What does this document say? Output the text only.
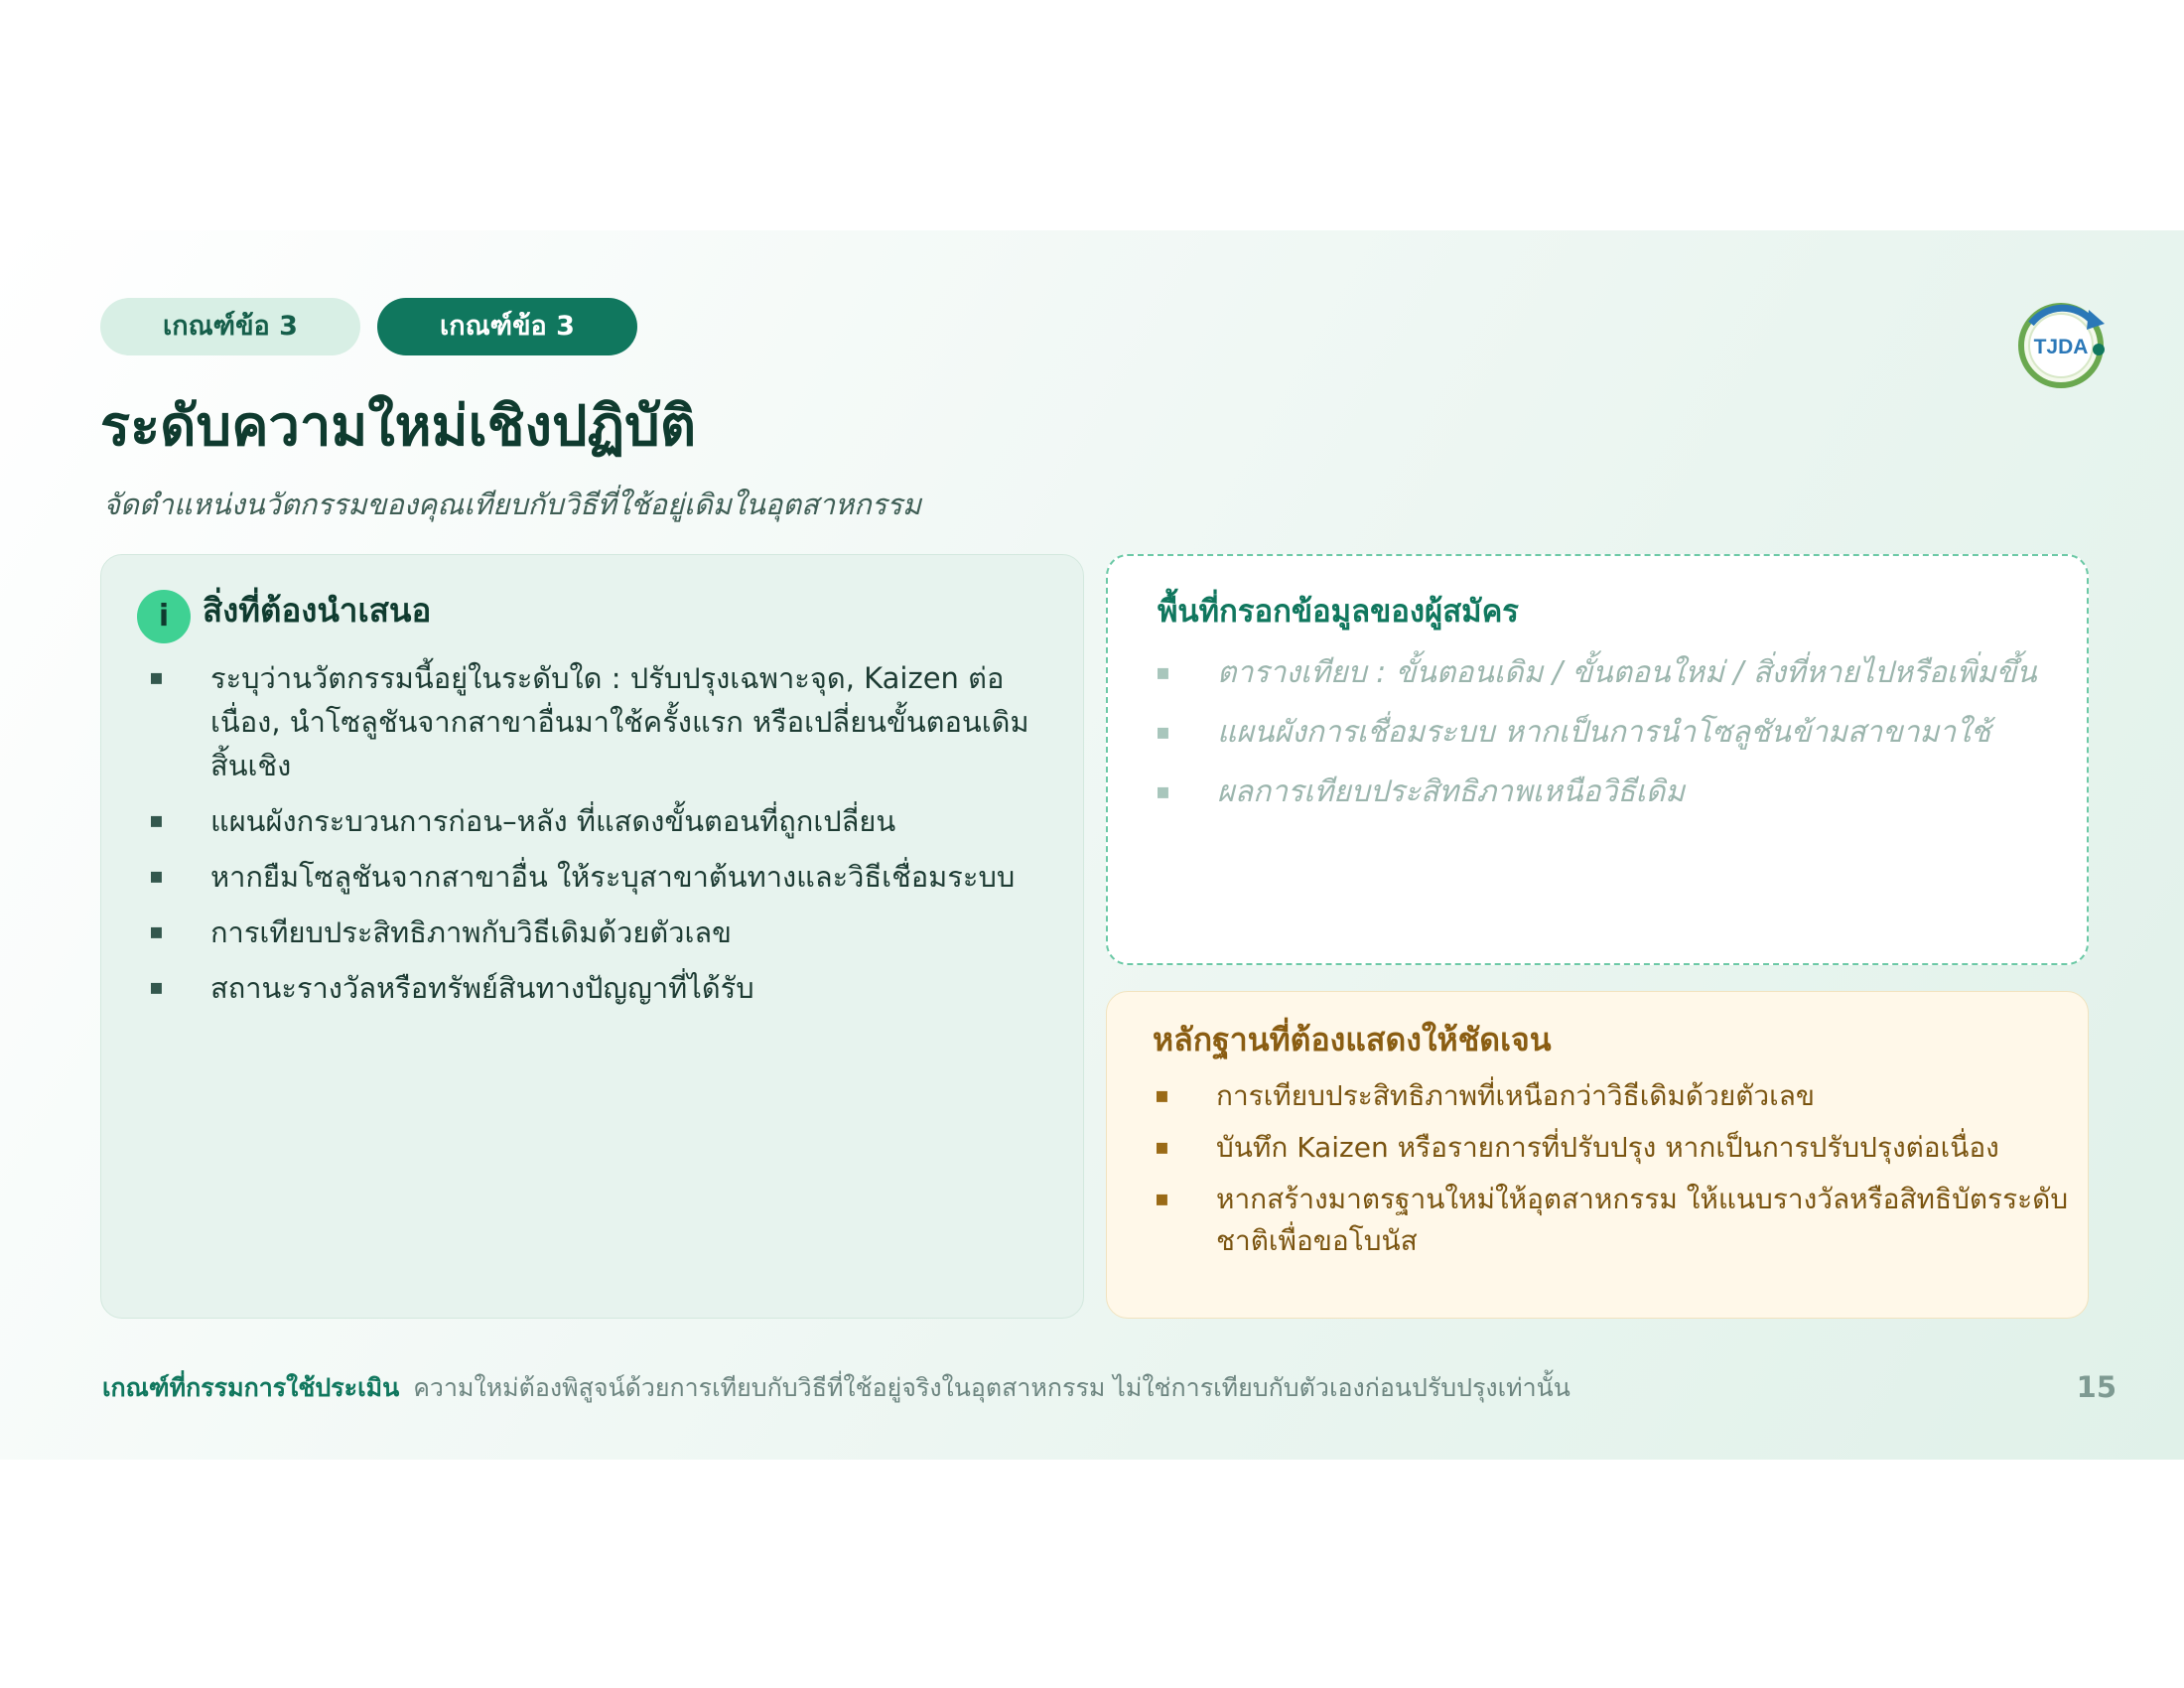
เกณฑ์ข้อ 3	เกณฑ์ข้อ 3
TJDA
ระดับความใหม่เชิงปฏิบัติ
จัดตำแหน่งนวัตกรรมของคุณเทียบกับวิธีที่ใช้อยู่เดิมในอุตสาหกรรม
i	สิ่งที่ต้องนำเสนอ
▪	ระบุว่านวัตกรรมนี้อยู่ในระดับใด : ปรับปรุงเฉพาะจุด, Kaizen ต่อเนื่อง, นำโซลูชันจากสาขาอื่นมาใช้ครั้งแรก หรือเปลี่ยนขั้นตอนเดิมสิ้นเชิง
▪	แผนผังกระบวนการก่อน–หลัง ที่แสดงขั้นตอนที่ถูกเปลี่ยน
▪	หากยืมโซลูชันจากสาขาอื่น ให้ระบุสาขาต้นทางและวิธีเชื่อมระบบ
▪	การเทียบประสิทธิภาพกับวิธีเดิมด้วยตัวเลข
▪	สถานะรางวัลหรือทรัพย์สินทางปัญญาที่ได้รับ
พื้นที่กรอกข้อมูลของผู้สมัคร
▪	ตารางเทียบ : ขั้นตอนเดิม / ขั้นตอนใหม่ / สิ่งที่หายไปหรือเพิ่มขึ้น
▪	แผนผังการเชื่อมระบบ หากเป็นการนำโซลูชันข้ามสาขามาใช้
▪	ผลการเทียบประสิทธิภาพเหนือวิธีเดิม
หลักฐานที่ต้องแสดงให้ชัดเจน
▪	การเทียบประสิทธิภาพที่เหนือกว่าวิธีเดิมด้วยตัวเลข
▪	บันทึก Kaizen หรือรายการที่ปรับปรุง หากเป็นการปรับปรุงต่อเนื่อง
▪	หากสร้างมาตรฐานใหม่ให้อุตสาหกรรม ให้แนบรางวัลหรือสิทธิบัตรระดับชาติเพื่อขอโบนัส
เกณฑ์ที่กรรมการใช้ประเมิน ความใหม่ต้องพิสูจน์ด้วยการเทียบกับวิธีที่ใช้อยู่จริงในอุตสาหกรรม ไม่ใช่การเทียบกับตัวเองก่อนปรับปรุงเท่านั้น	15
